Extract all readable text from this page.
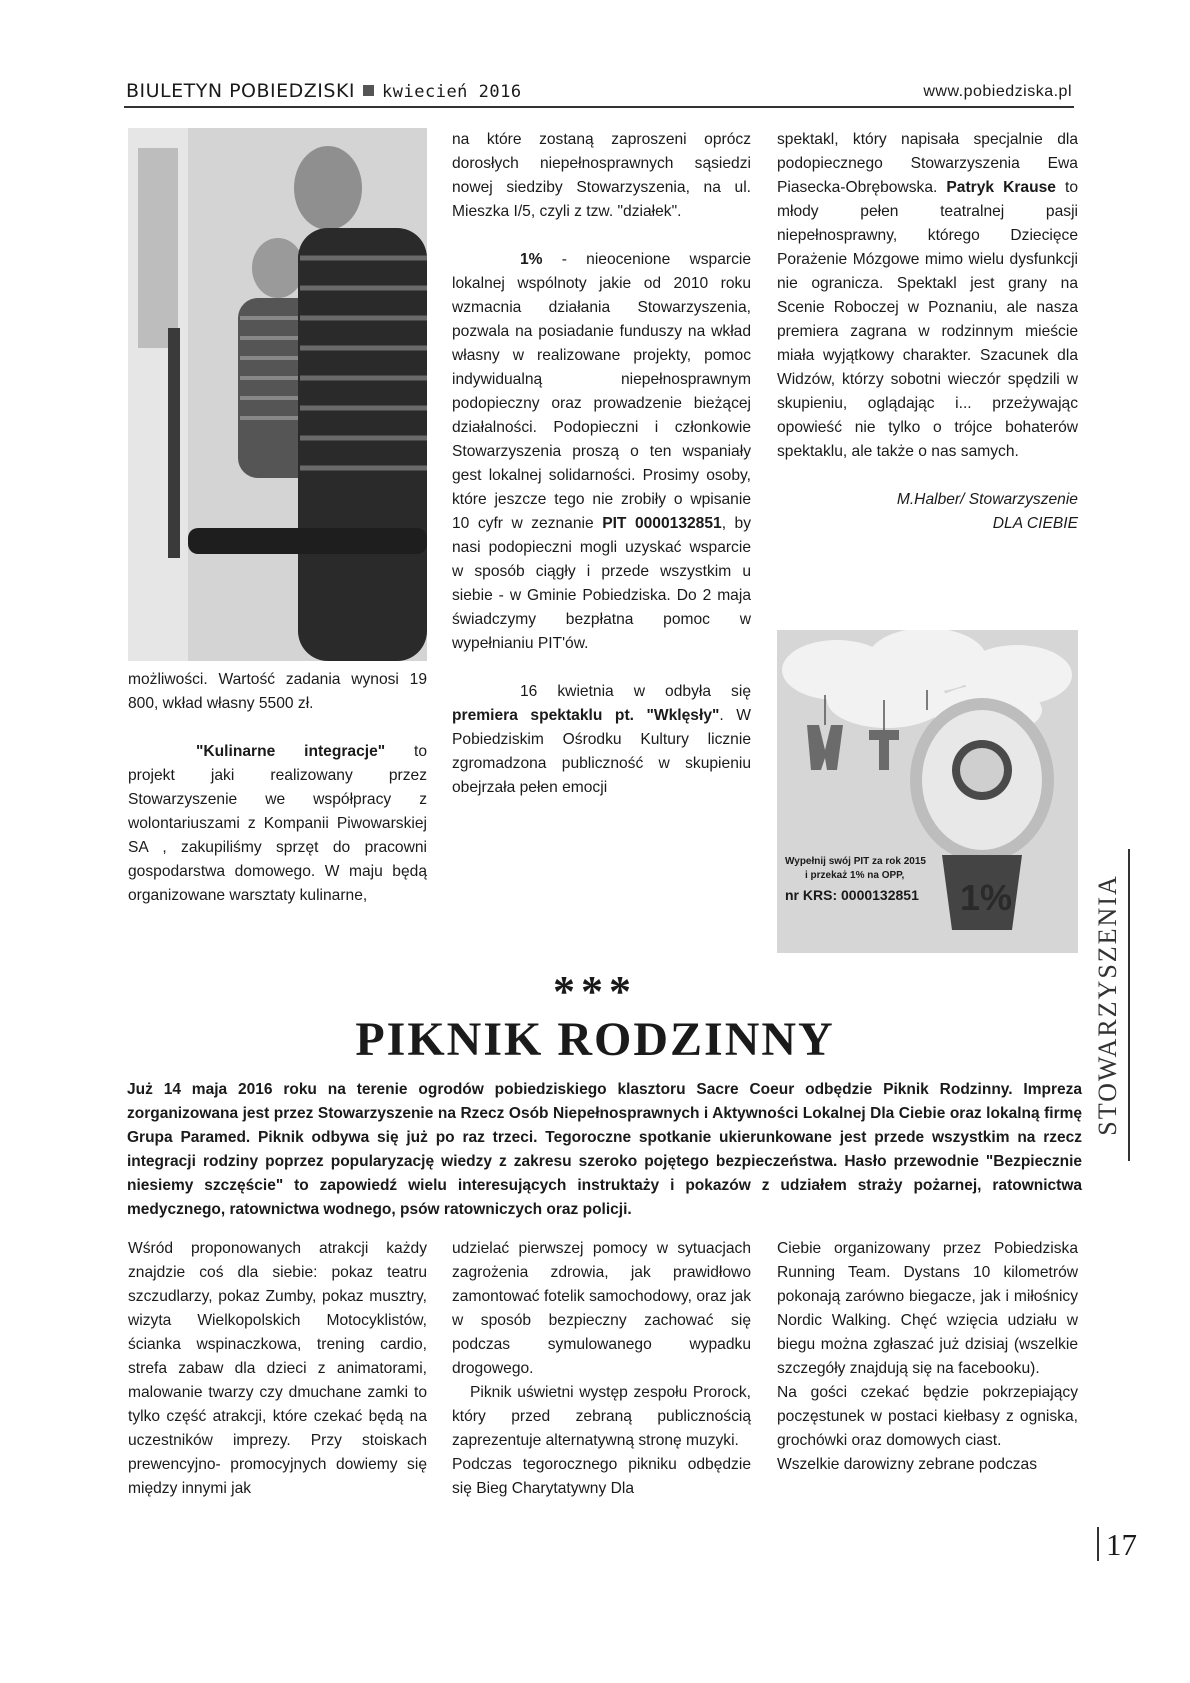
BIULETYN POBIEDZISKI kwiecień 2016	www.pobiedziska.pl

możliwości. Wartość zadania wynosi 19 800, wkład własny 5500 zł.

"Kulinarne integracje" to projekt jaki realizowany przez Stowarzyszenie we współpracy z wolontariuszami z Kompanii Piwowarskiej SA , zakupiliśmy sprzęt do pracowni gospodarstwa domowego. W maju będą organizowane warsztaty kulinarne,

na które zostaną zaproszeni oprócz dorosłych niepełnosprawnych sąsiedzi nowej siedziby Stowarzyszenia, na ul. Mieszka I/5, czyli z tzw. "działek".

1% - nieocenione wsparcie lokalnej wspólnoty jakie od 2010 roku wzmacnia działania Stowarzyszenia, pozwala na posiadanie funduszy na wkład własny w realizowane projekty, pomoc indywidualną niepełnosprawnym podopieczny oraz prowadzenie bieżącej działalności. Podopieczni i członkowie Stowarzyszenia proszą o ten wspaniały gest lokalnej solidarności. Prosimy osoby, które jeszcze tego nie zrobiły o wpisanie 10 cyfr w zeznanie PIT 0000132851, by nasi podopieczni mogli uzyskać wsparcie w sposób ciągły i przede wszystkim u siebie - w Gminie Pobiedziska. Do 2 maja świadczymy bezpłatna pomoc w wypełnianiu PIT'ów.

16 kwietnia w odbyła się premiera spektaklu pt. "Wklęsły". W Pobiedziskim Ośrodku Kultury licznie zgromadzona publiczność w skupieniu obejrzała pełen emocji

spektakl, który napisała specjalnie dla podopiecznego Stowarzyszenia Ewa Piasecka-Obrębowska. Patryk Krause to młody pełen teatralnej pasji niepełnosprawny, którego Dziecięce Porażenie Mózgowe mimo wielu dysfunkcji nie ogranicza. Spektakl jest grany na Scenie Roboczej w Poznaniu, ale nasza premiera zagrana w rodzinnym mieście miała wyjątkowy charakter. Szacunek dla Widzów, którzy sobotni wieczór spędzili w skupieniu, oglądając i... przeżywając opowieść nie tylko o trójce bohaterów spektaklu, ale także o nas samych.

M.Halber/ Stowarzyszenie

DLA CIEBIE

1%
Wypełnij swój PIT za rok 2015
i przekaż 1% na OPP,
nr KRS: 0000132851	STOWARZYSZENIA
***
PIKNIK RODZINNY
Już 14 maja 2016 roku na terenie ogrodów pobiedziskiego klasztoru Sacre Coeur odbędzie Piknik Rodzinny. Impreza zorganizowana jest przez Stowarzyszenie na Rzecz Osób Niepełnosprawnych i Aktywności Lokalnej Dla Ciebie oraz lokalną firmę Grupa Paramed. Piknik odbywa się już po raz trzeci. Tegoroczne spotkanie ukierunkowane jest przede wszystkim na rzecz integracji rodziny poprzez popularyzację wiedzy z zakresu szeroko pojętego bezpieczeństwa. Hasło przewodnie "Bezpiecznie niesiemy szczęście" to zapowiedź wielu interesujących instruktaży i pokazów z udziałem straży pożarnej, ratownictwa medycznego, ratownictwa wodnego, psów ratowniczych oraz policji.

Wśród proponowanych atrakcji każdy znajdzie coś dla siebie: pokaz teatru szczudlarzy, pokaz Zumby, pokaz musztry, wizyta Wielkopolskich Motocyklistów, ścianka wspinaczkowa, trening cardio, strefa zabaw dla dzieci z animatorami, malowanie twarzy czy dmuchane zamki to tylko część atrakcji, które czekać będą na uczestników imprezy. Przy stoiskach prewencyjno- promocyjnych dowiemy się między innymi jak

udzielać pierwszej pomocy w sytuacjach zagrożenia zdrowia, jak prawidłowo zamontować fotelik samochodowy, oraz jak w sposób bezpieczny zachować się podczas symulowanego wypadku drogowego.

Piknik uświetni występ zespołu Prorock, który przed zebraną publicznością zaprezentuje alternatywną stronę muzyki.

Podczas tegorocznego pikniku odbędzie się Bieg Charytatywny Dla

Ciebie organizowany przez Pobiedziska Running Team. Dystans 10 kilometrów pokonają zarówno biegacze, jak i miłośnicy Nordic Walking. Chęć wzięcia udziału w biegu można zgłaszać już dzisiaj (wszelkie szczegóły znajdują się na facebooku).

Na gości czekać będzie pokrzepiający poczęstunek w postaci kiełbasy z ogniska, grochówki oraz domowych ciast.

Wszelkie darowizny zebrane podczas

17
